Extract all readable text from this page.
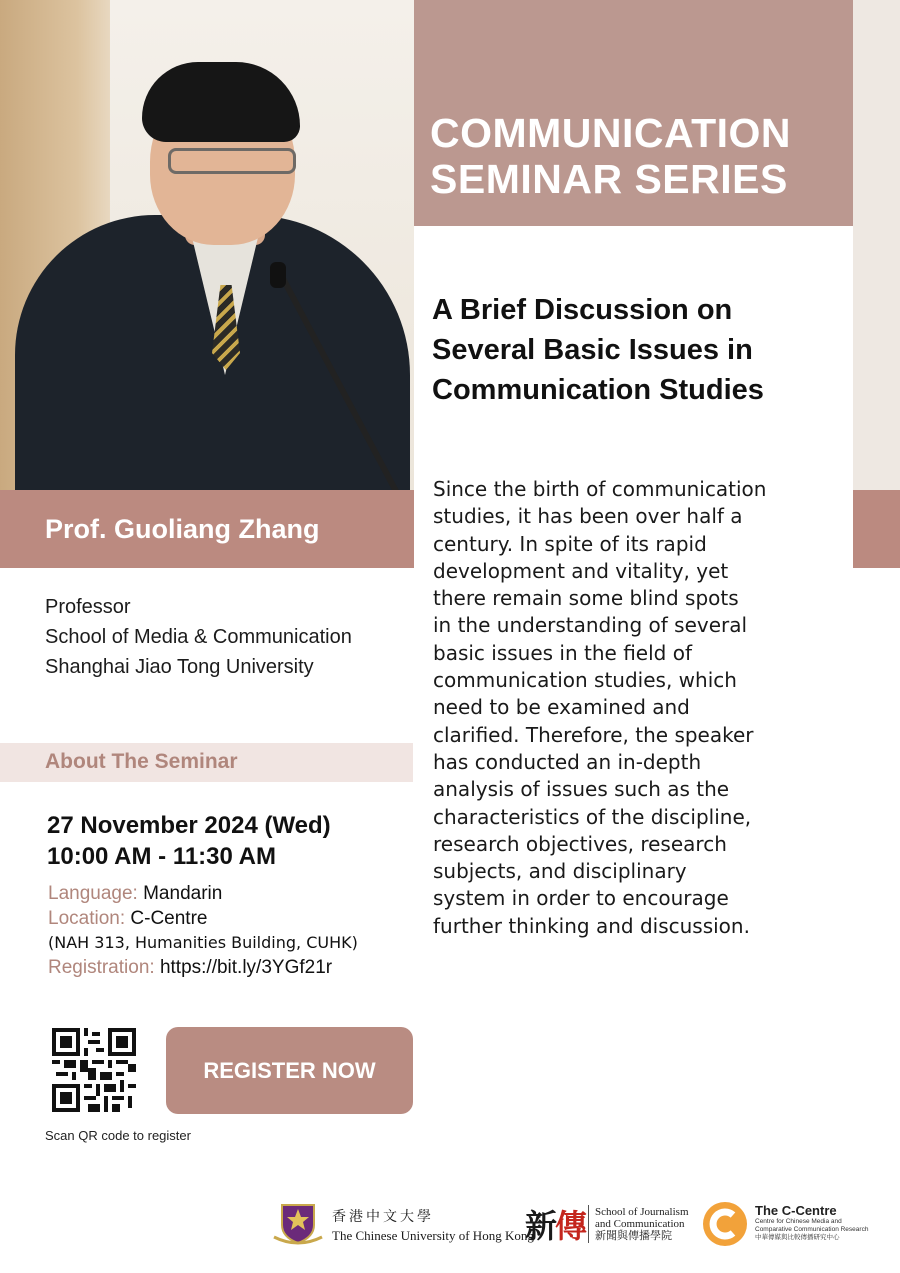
COMMUNICATION
SEMINAR SERIES
A Brief Discussion on
Several Basic Issues in
Communication Studies

Since the birth of communication
studies, it has been over half a
century. In spite of its rapid
development and vitality, yet
there remain some blind spots
in the understanding of several
basic issues in the field of
communication studies, which
need to be examined and
clarified. Therefore, the speaker
has conducted an in-depth
analysis of issues such as the
characteristics of the discipline,
research objectives, research
subjects, and disciplinary
system in order to encourage
further thinking and discussion.

Prof. Guoliang Zhang

Professor
School of Media & Communication
Shanghai Jiao Tong University

About The Seminar

27 November 2024 (Wed)
10:00 AM - 11:30 AM

Language: Mandarin
Location: C-Centre
(NAH 313, Humanities Building, CUHK)
Registration: https://bit.ly/3YGf21r

Scan QR code to register

REGISTER NOW
香港中文大學
The Chinese University of Hong Kong
新傳 School of Journalism
and Communication
新聞與傳播學院
The C-Centre
Centre for Chinese Media and
Comparative Communication Research
中華傳媒與比較傳播研究中心
